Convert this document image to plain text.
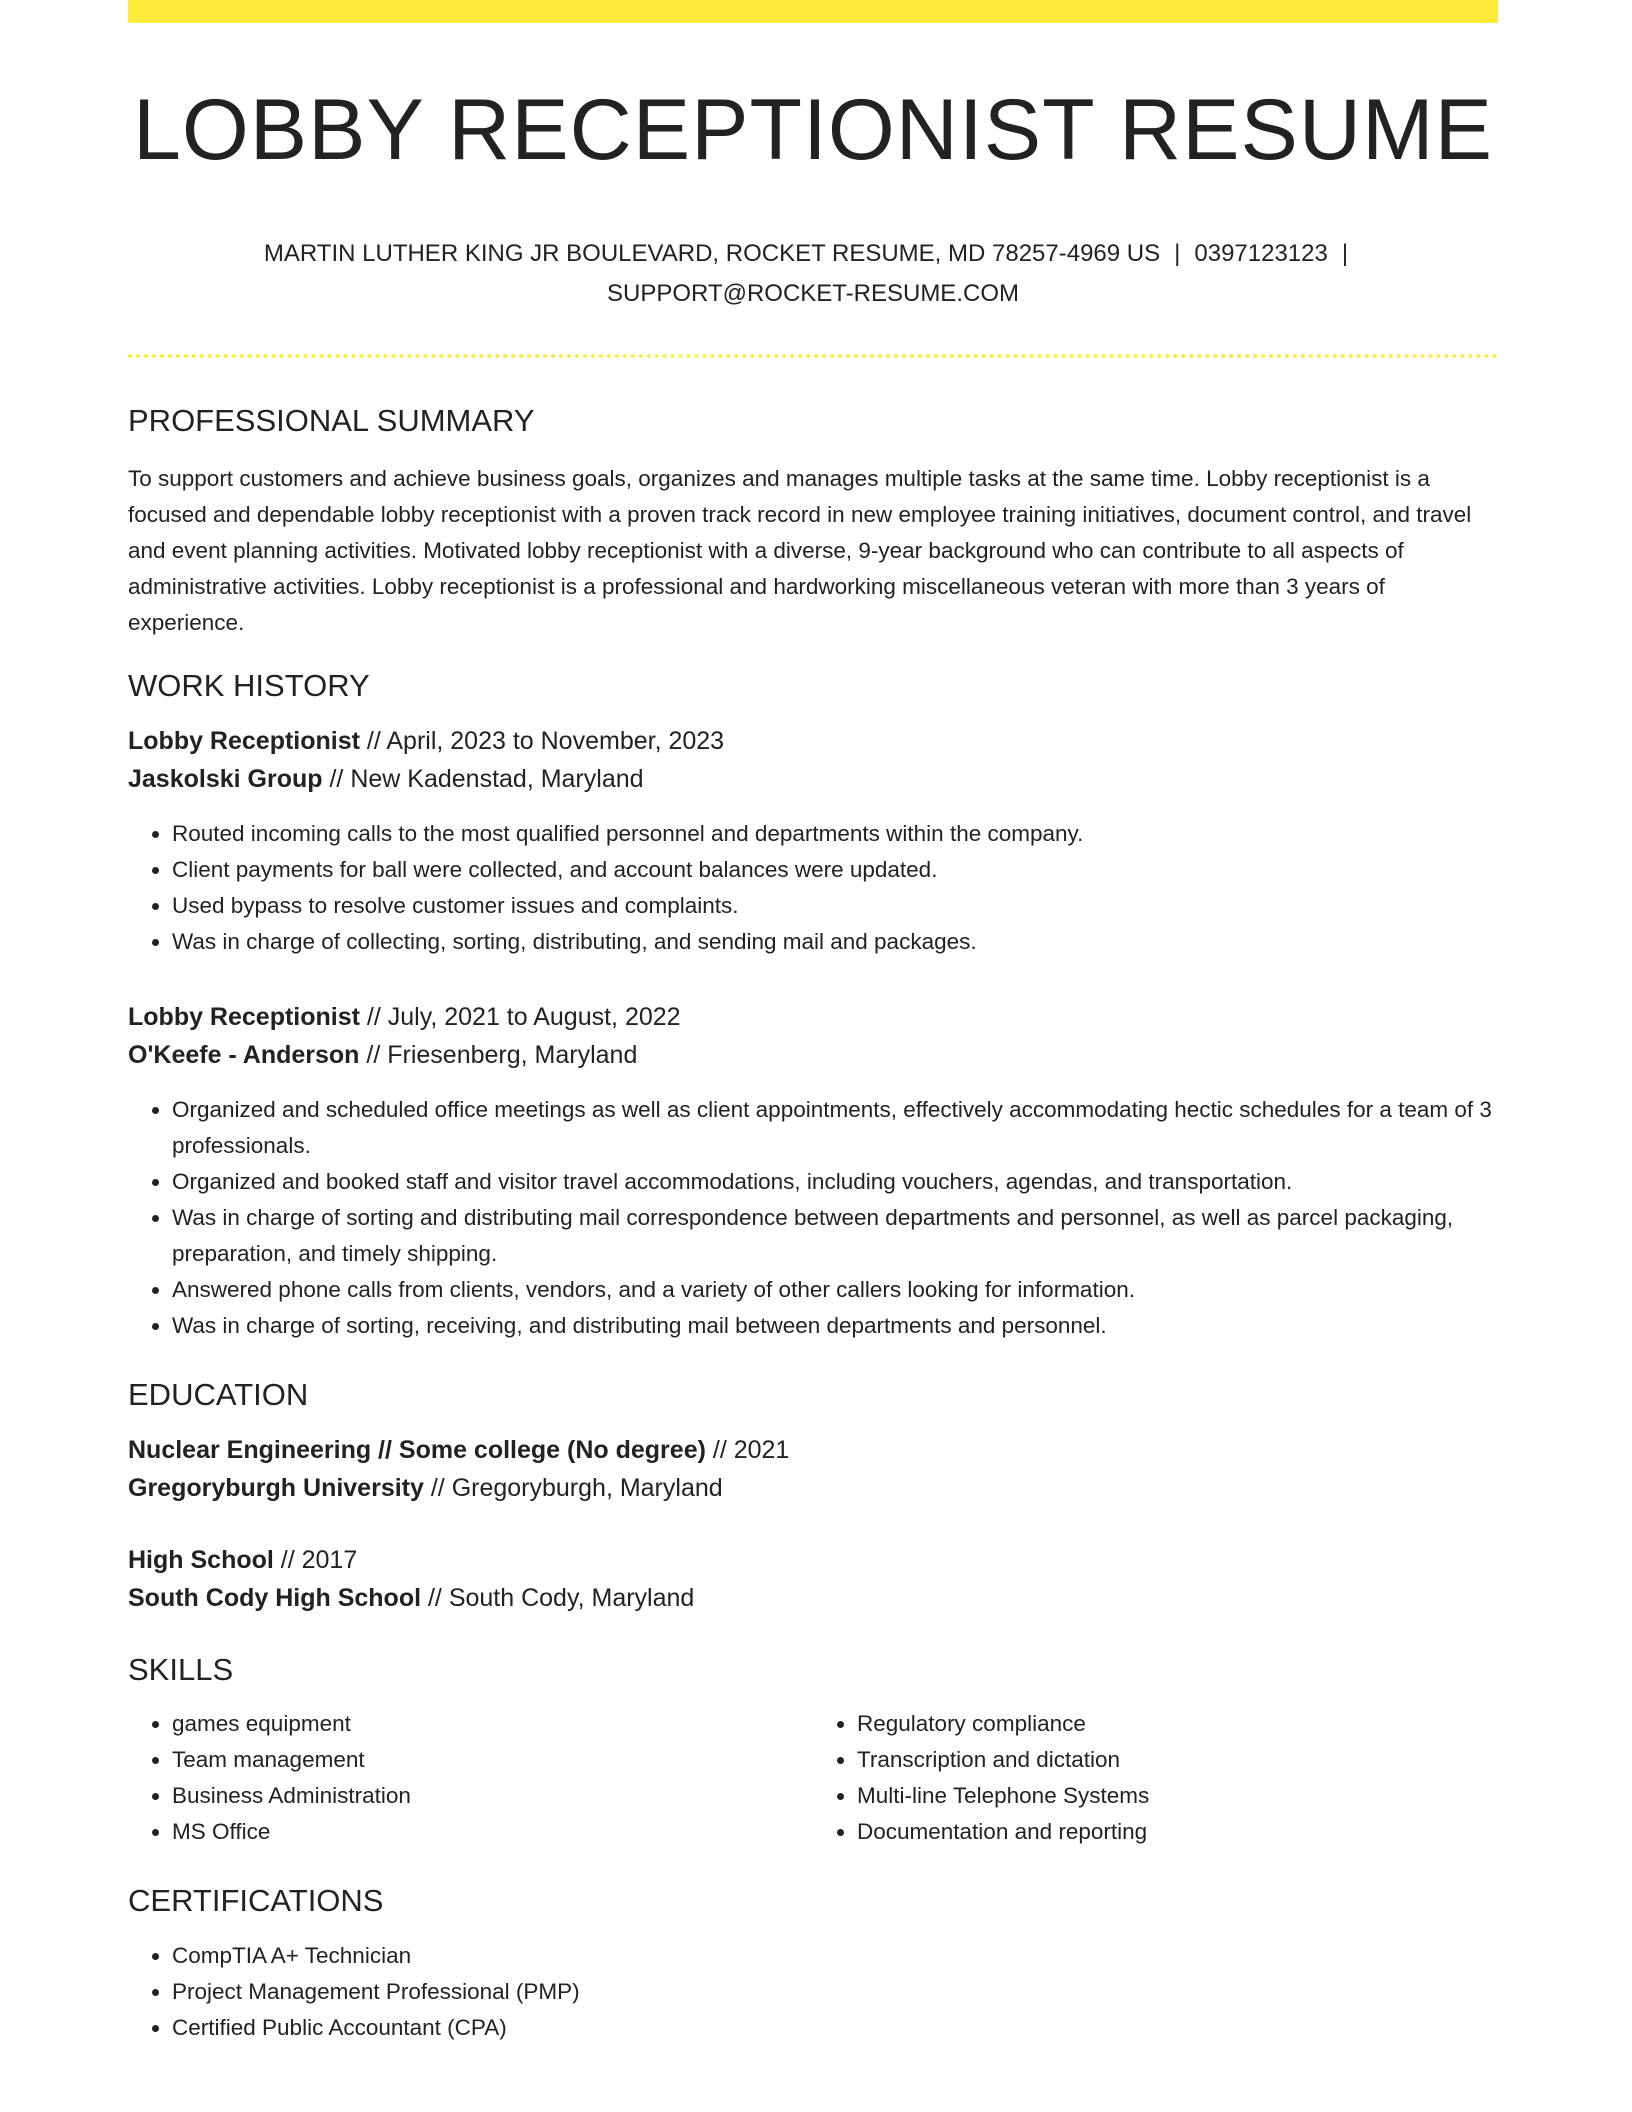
LOBBY RECEPTIONIST RESUME
MARTIN LUTHER KING JR BOULEVARD, ROCKET RESUME, MD 78257-4969 US | 0397123123 |
SUPPORT@ROCKET-RESUME.COM
PROFESSIONAL SUMMARY

To support customers and achieve business goals, organizes and manages multiple tasks at the same time. Lobby receptionist is a focused and dependable lobby receptionist with a proven track record in new employee training initiatives, document control, and travel and event planning activities. Motivated lobby receptionist with a diverse, 9-year background who can contribute to all aspects of administrative activities. Lobby receptionist is a professional and hardworking miscellaneous veteran with more than 3 years of experience.

WORK HISTORY
Lobby Receptionist // April, 2023 to November, 2023
Jaskolski Group // New Kadenstad, Maryland
• Routed incoming calls to the most qualified personnel and departments within the company.
• Client payments for ball were collected, and account balances were updated.
• Used bypass to resolve customer issues and complaints.
• Was in charge of collecting, sorting, distributing, and sending mail and packages.
Lobby Receptionist // July, 2021 to August, 2022
O'Keefe - Anderson // Friesenberg, Maryland
• Organized and scheduled office meetings as well as client appointments, effectively accommodating hectic schedules for a team of 3 professionals.
• Organized and booked staff and visitor travel accommodations, including vouchers, agendas, and transportation.
• Was in charge of sorting and distributing mail correspondence between departments and personnel, as well as parcel packaging, preparation, and timely shipping.
• Answered phone calls from clients, vendors, and a variety of other callers looking for information.
• Was in charge of sorting, receiving, and distributing mail between departments and personnel.
EDUCATION
Nuclear Engineering // Some college (No degree) // 2021
Gregoryburgh University // Gregoryburgh, Maryland
High School // 2017
South Cody High School // South Cody, Maryland
SKILLS
• games equipment
• Team management
• Business Administration
• MS Office
• Regulatory compliance
• Transcription and dictation
• Multi-line Telephone Systems
• Documentation and reporting
CERTIFICATIONS
• CompTIA A+ Technician
• Project Management Professional (PMP)
• Certified Public Accountant (CPA)
